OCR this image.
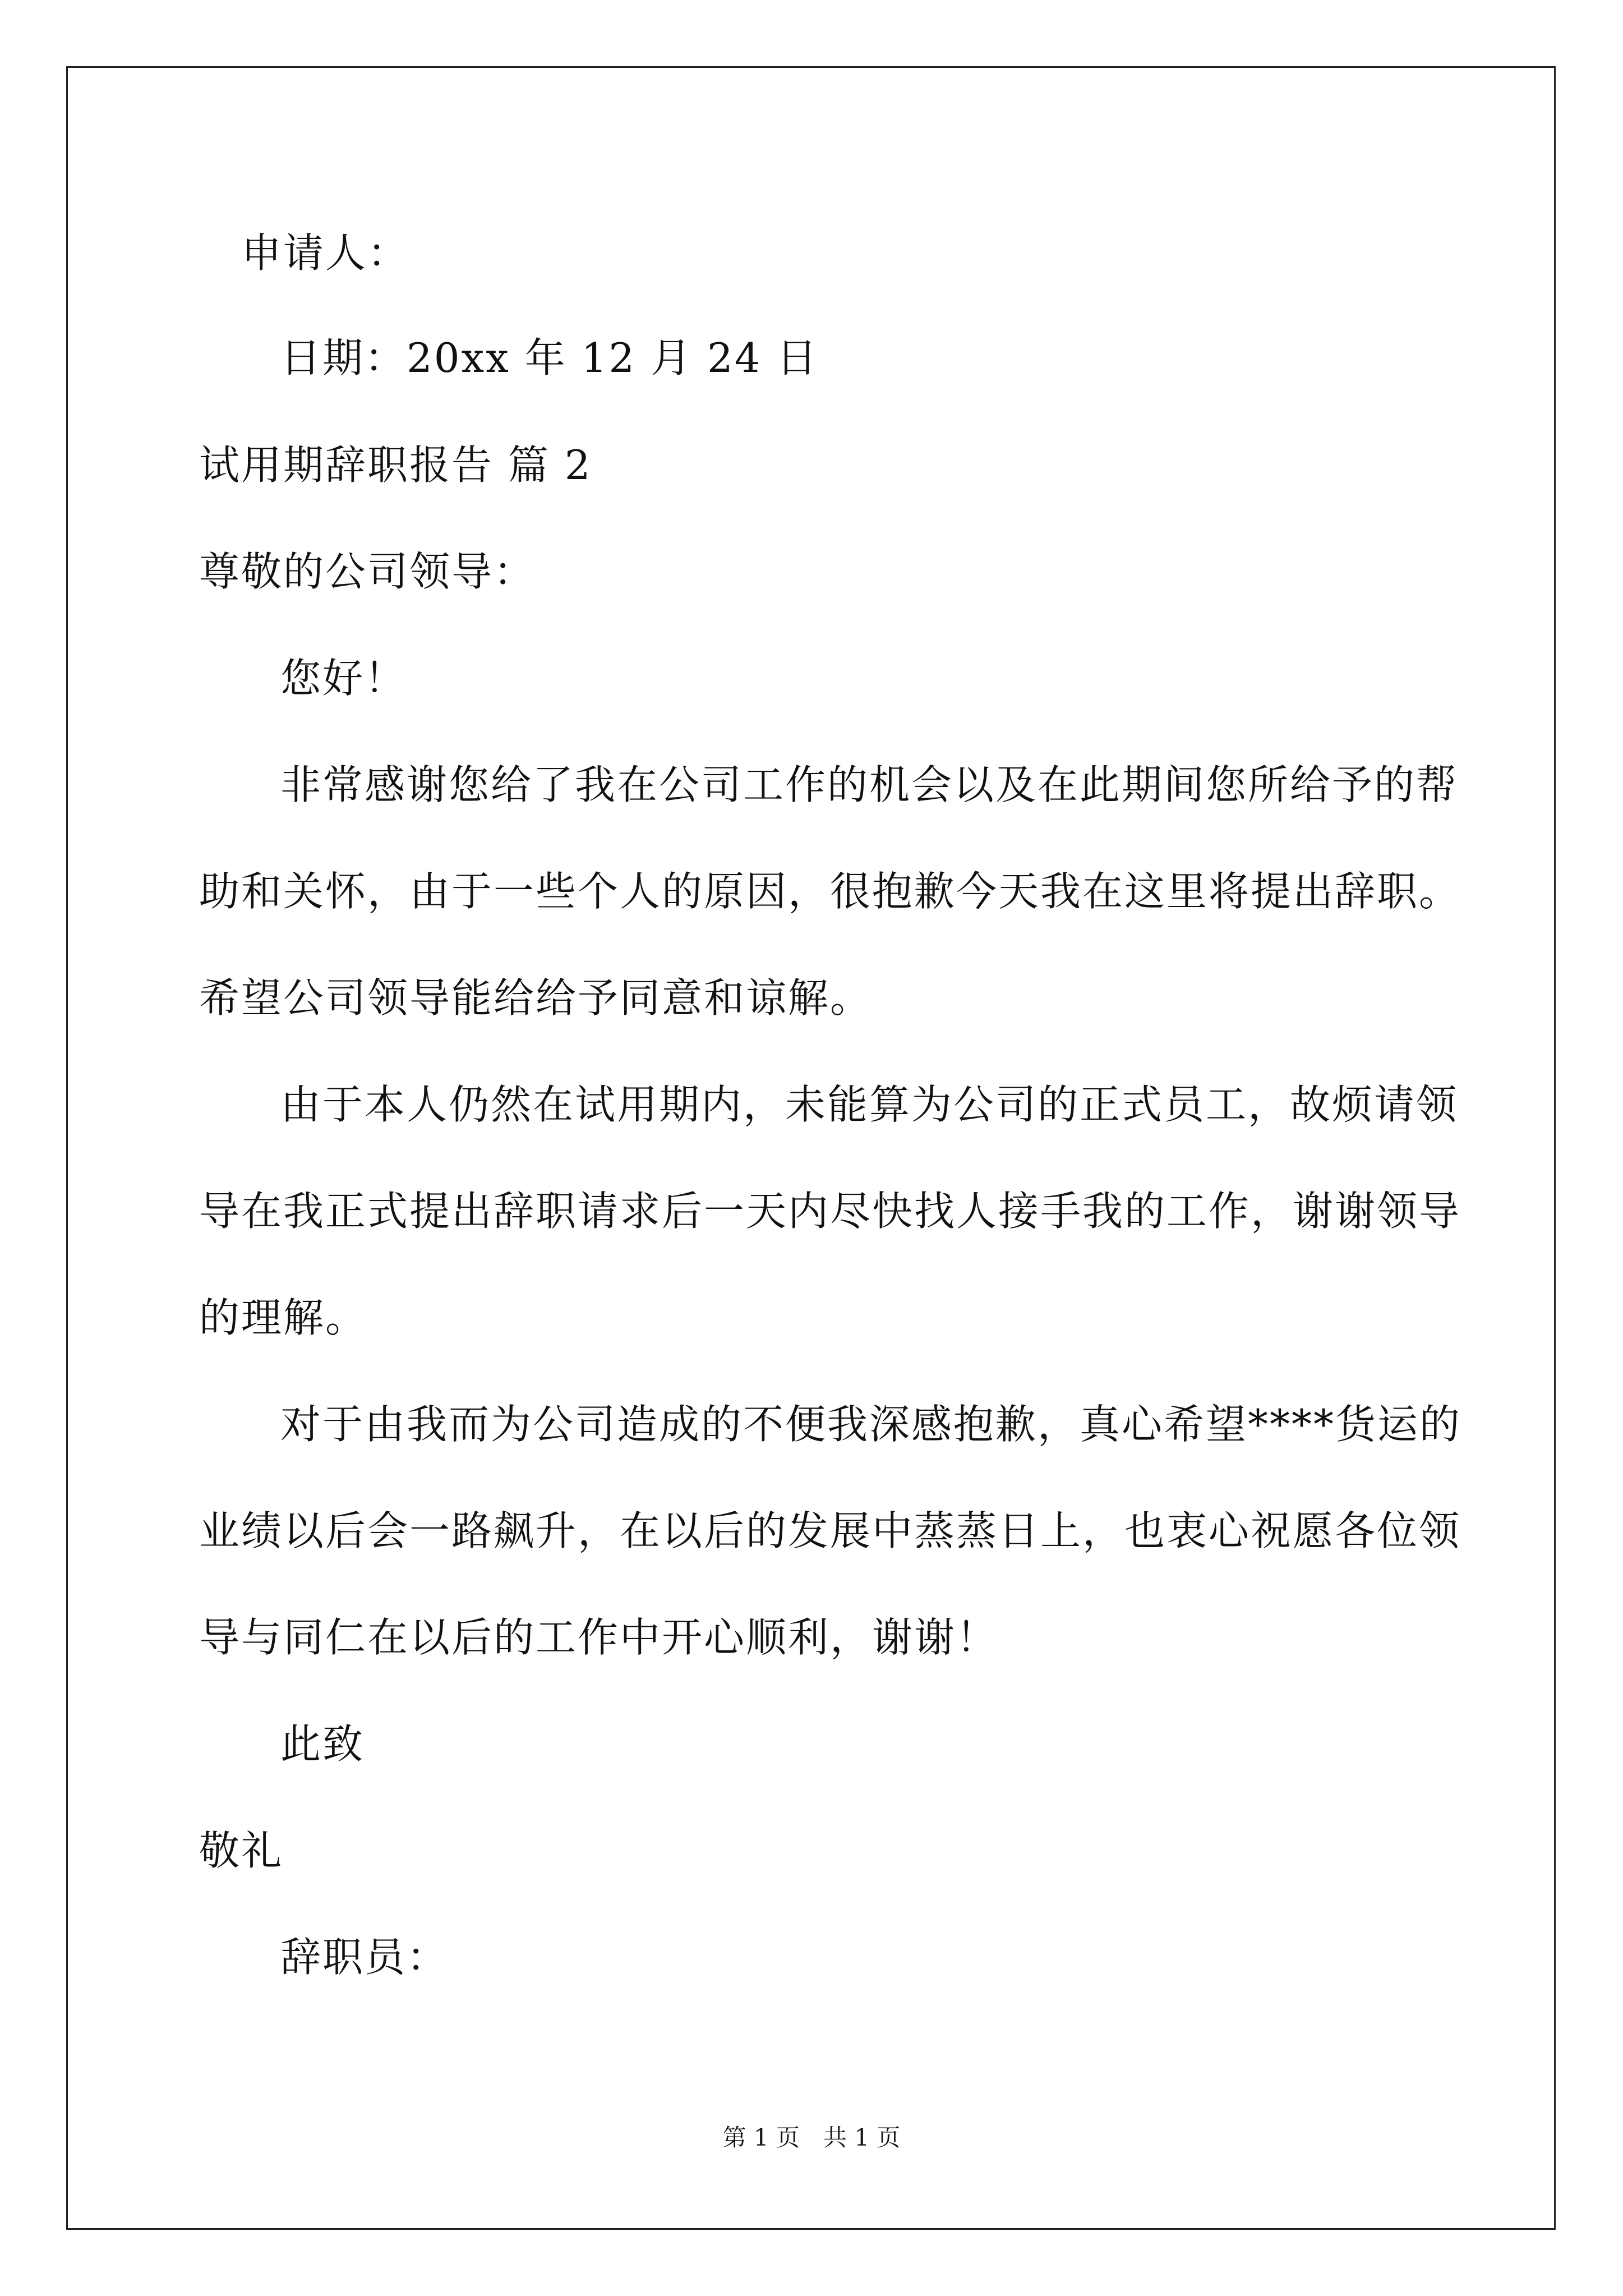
申请人：
日期：20xx 年 12 月 24 日
试用期辞职报告 篇 2
尊敬的公司领导：
您好！
非常感谢您给了我在公司工作的机会以及在此期间您所给予的帮
助和关怀，由于一些个人的原因，很抱歉今天我在这里将提出辞职。
希望公司领导能给给予同意和谅解。
由于本人仍然在试用期内，未能算为公司的正式员工，故烦请领
导在我正式提出辞职请求后一天内尽快找人接手我的工作，谢谢领导
的理解。
对于由我而为公司造成的不便我深感抱歉，真心希望****货运的
业绩以后会一路飙升，在以后的发展中蒸蒸日上，也衷心祝愿各位领
导与同仁在以后的工作中开心顺利，谢谢！
此致
敬礼
辞职员：
第 1 页　共 1 页
